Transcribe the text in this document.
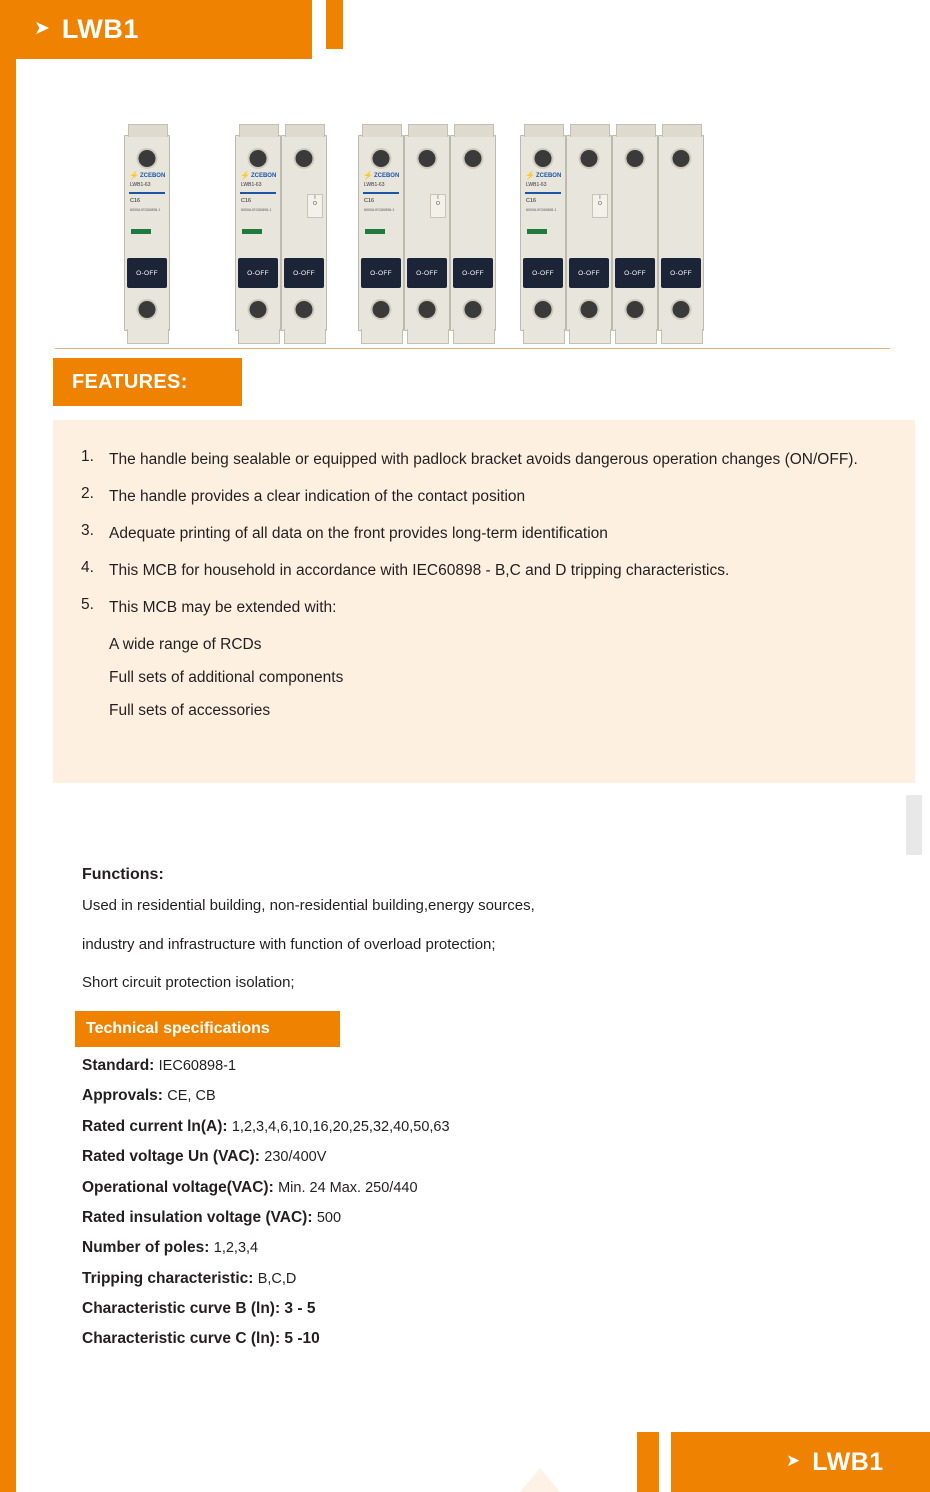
➤ LWB1
⚡ ZCEBON
LWB1-63
C16
6000A IEC60898-1
O-OFF
⚡ ZCEBON
LWB1-63
C16
6000A IEC60898-1
O-OFF
I
O
O-OFF
⚡ ZCEBON
LWB1-63
C16
6000A IEC60898-1
O-OFF
I
O
O-OFF	O-OFF
⚡ ZCEBON
LWB1-63
C16
6000A IEC60898-1
O-OFF
I
O
O-OFF	O-OFF	O-OFF
FEATURES:
1. The handle being sealable or equipped with padlock bracket avoids dangerous operation changes (ON/OFF).
2. The handle provides a clear indication of the contact position
3. Adequate printing of all data on the front provides long-term identification
4. This MCB for household in accordance with IEC60898 - B,C and D tripping characteristics.
5. This MCB may be extended with:
A wide range of RCDs
Full sets of additional components
Full sets of accessories
Functions:
Used in residential building, non-residential building,energy sources,
industry and infrastructure with function of overload protection;
Short circuit protection isolation;
Technical specifications
Standard: IEC60898-1
Approvals: CE, CB
Rated current ln(A): 1,2,3,4,6,10,16,20,25,32,40,50,63
Rated voltage Un (VAC): 230/400V
Operational voltage(VAC): Min. 24 Max. 250/440
Rated insulation voltage (VAC): 500
Number of poles: 1,2,3,4
Tripping characteristic: B,C,D
Characteristic curve B (ln): 3 - 5
Characteristic curve C (ln): 5 -10
➤ LWB1
